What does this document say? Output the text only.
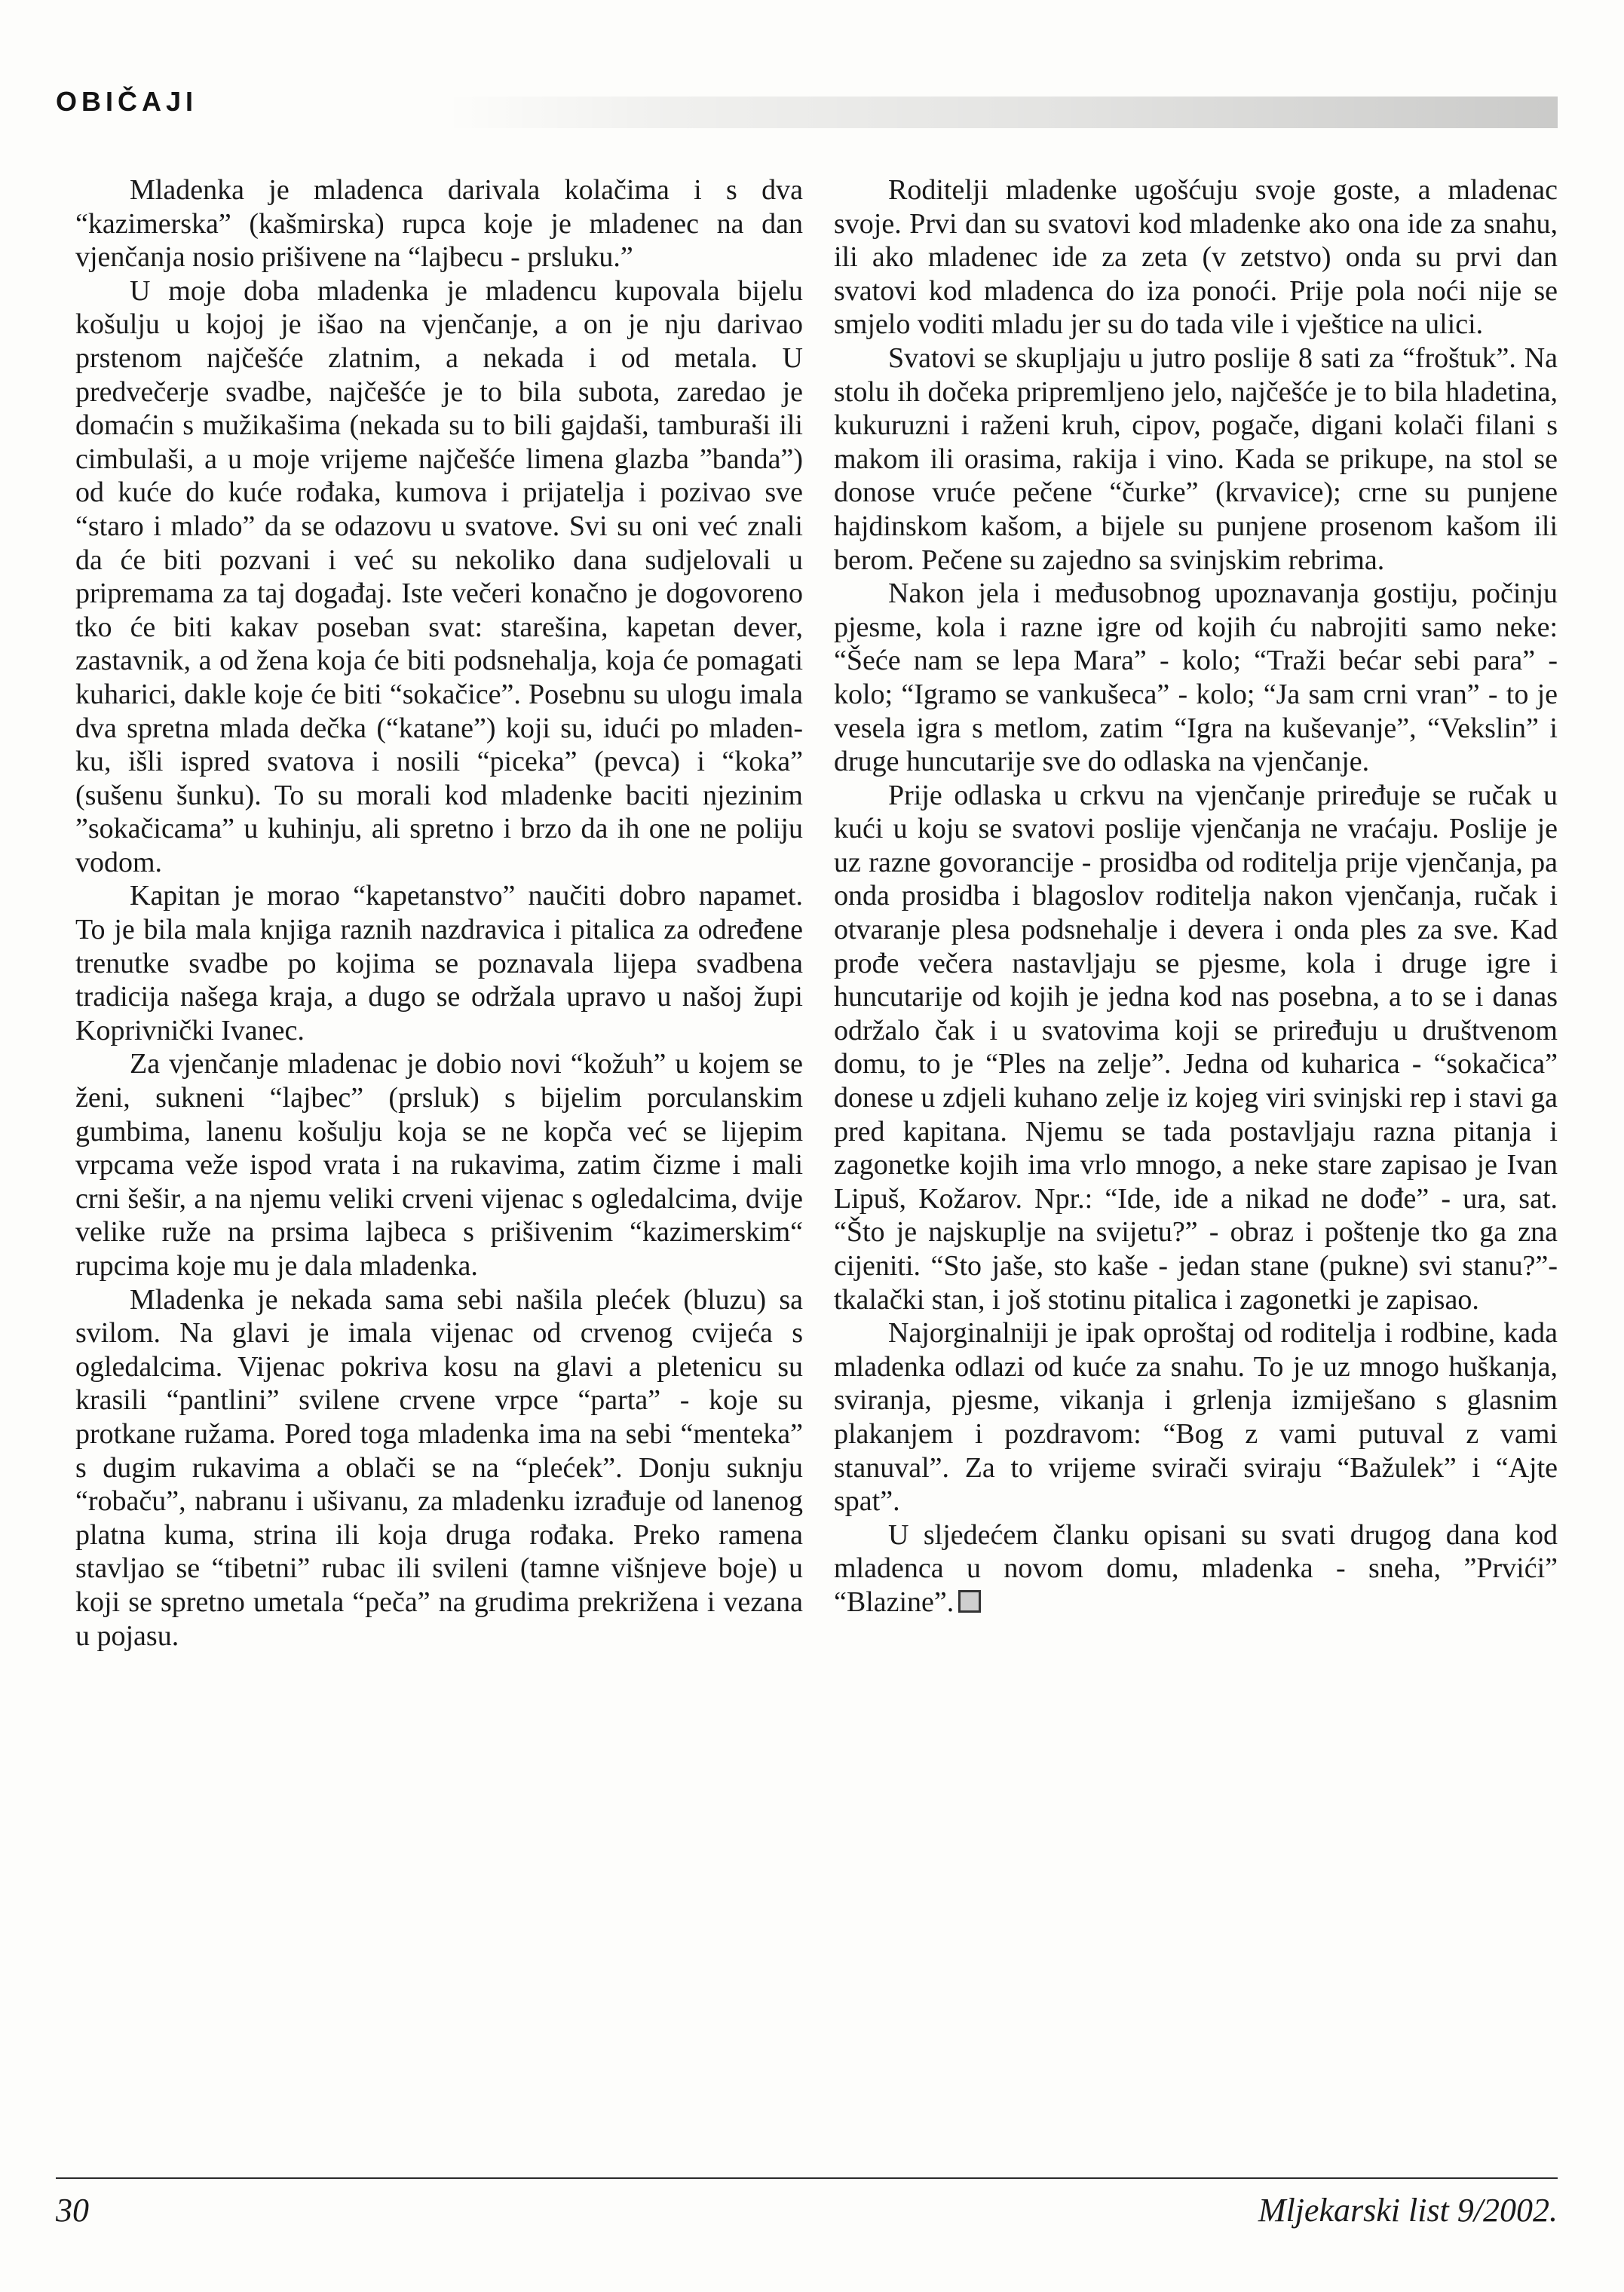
OBIČAJI

Mladenka je mladenca darivala kolačima i s dva “kazimerska” (kašmirska) rupca koje je mladenec na dan vjenčanja nosio prišivene na “lajbecu - prsluku.”

U moje doba mladenka je mladencu kupovala bijelu košulju u kojoj je išao na vjenčanje, a on je nju darivao prstenom najčešće zlatnim, a nekada i od metala. U predvečerje svadbe, najčešće je to bila subota, zaredao je domaćin s mužikašima (nekada su to bili gajdaši, tamburaši ili cimbulaši, a u moje vrijeme najčešće limena glazba ”banda”) od kuće do kuće rođaka, kumova i prijatelja i pozivao sve “staro i mlado” da se odazovu u svatove. Svi su oni već znali da će biti pozvani i već su nekoliko dana sudjelovali u pripremama za taj događaj. Iste večeri konačno je dogovoreno tko će biti kakav poseban svat: starešina, kapetan dever, zastavnik, a od žena koja će biti podsnehalja, koja će pomagati kuharici, dakle koje će biti “sokačice”. Posebnu su ulogu imala dva spretna mlada dečka (“katane”) koji su, idući po mladenku, išli ispred svatova i nosili “piceka” (pevca) i “koka” (sušenu šunku). To su morali kod mladenke baciti njezinim ”sokačicama” u kuhinju, ali spretno i brzo da ih one ne poliju vodom.

Kapitan je morao “kapetanstvo” naučiti dobro napamet. To je bila mala knjiga raznih nazdravica i pitalica za određene trenutke svadbe po kojima se poznavala lijepa svadbena tradicija našega kraja, a dugo se održala upravo u našoj župi Koprivnički Ivanec.

Za vjenčanje mladenac je dobio novi “kožuh” u kojem se ženi, sukneni “lajbec” (prsluk) s bijelim porculanskim gumbima, lanenu košulju koja se ne kopča već se lijepim vrpcama veže ispod vrata i na rukavima, zatim čizme i mali crni šešir, a na njemu veliki crveni vijenac s ogledalcima, dvije velike ruže na prsima lajbeca s prišivenim “kazimerskim“ rupcima koje mu je dala mladenka.

Mladenka je nekada sama sebi našila plećek (bluzu) sa svilom. Na glavi je imala vijenac od crvenog cvijeća s ogledalcima. Vijenac pokriva kosu na glavi a pletenicu su krasili “pantlini” svilene crvene vrpce “parta” - koje su protkane ružama. Pored toga mladenka ima na sebi “menteka” s dugim rukavima a oblači se na “plećek”. Donju suknju “robaču”, nabranu i ušivanu, za mladenku izrađuje od lanenog platna kuma, strina ili koja druga rođaka. Preko ramena stavljao se “tibetni” rubac ili svileni (tamne višnjeve boje) u koji se spretno umetala “peča” na grudima prekrižena i vezana u pojasu.

Roditelji mladenke ugošćuju svoje goste, a mladenac svoje. Prvi dan su svatovi kod mladenke ako ona ide za snahu, ili ako mladenec ide za zeta (v zetstvo) onda su prvi dan svatovi kod mladenca do iza ponoći. Prije pola noći nije se smjelo voditi mladu jer su do tada vile i vještice na ulici.

Svatovi se skupljaju u jutro poslije 8 sati za “froštuk”. Na stolu ih dočeka pripremljeno jelo, najčešće je to bila hladetina, kukuruzni i raženi kruh, cipov, pogače, digani kolači filani s makom ili orasima, rakija i vino. Kada se prikupe, na stol se donose vruće pečene “čurke” (krvavice); crne su punjene hajdinskom kašom, a bijele su punjene prosenom kašom ili berom. Pečene su zajedno sa svinjskim rebrima.

Nakon jela i međusobnog upoznavanja gostiju, počinju pjesme, kola i razne igre od kojih ću nabrojiti samo neke: “Šeće nam se lepa Mara” - kolo; “Traži bećar sebi para” - kolo; “Igramo se vankušeca” - kolo; “Ja sam crni vran” - to je vesela igra s metlom, zatim “Igra na kuševanje”, “Vekslin” i druge huncutarije sve do odlaska na vjenčanje.

Prije odlaska u crkvu na vjenčanje priređuje se ručak u kući u koju se svatovi poslije vjenčanja ne vraćaju. Poslije je uz razne govorancije - prosidba od roditelja prije vjenčanja, pa onda prosidba i blagoslov roditelja nakon vjenčanja, ručak i otvaranje plesa podsnehalje i devera i onda ples za sve. Kad prođe večera nastavljaju se pjesme, kola i druge igre i huncutarije od kojih je jedna kod nas posebna, a to se i danas održalo čak i u svatovima koji se priređuju u društvenom domu, to je “Ples na zelje”. Jedna od kuharica - “sokačica” donese u zdjeli kuhano zelje iz kojeg viri svinjski rep i stavi ga pred kapitana. Njemu se tada postavljaju razna pitanja i zagonetke kojih ima vrlo mnogo, a neke stare zapisao je Ivan Lipuš, Kožarov. Npr.: “Ide, ide a nikad ne dođe” - ura, sat. “Što je najskuplje na svijetu?” - obraz i poštenje tko ga zna cijeniti. “Sto jaše, sto kaše - jedan stane (pukne) svi stanu?”- tkalački stan, i još stotinu pitalica i zagonetki je zapisao.

Najorginalniji je ipak oproštaj od roditelja i rodbine, kada mladenka odlazi od kuće za snahu. To je uz mnogo huškanja, sviranja, pjesme, vikanja i grlenja izmiješano s glasnim plakanjem i pozdravom: “Bog z vami putuval z vami stanuval”. Za to vrijeme svirači sviraju “Bažulek” i “Ajte spat”.

U sljedećem članku opisani su svati drugog dana kod mladenca u novom domu, mladenka - sneha, ”Prvići” “Blazine”.

30	Mljekarski list 9/2002.
